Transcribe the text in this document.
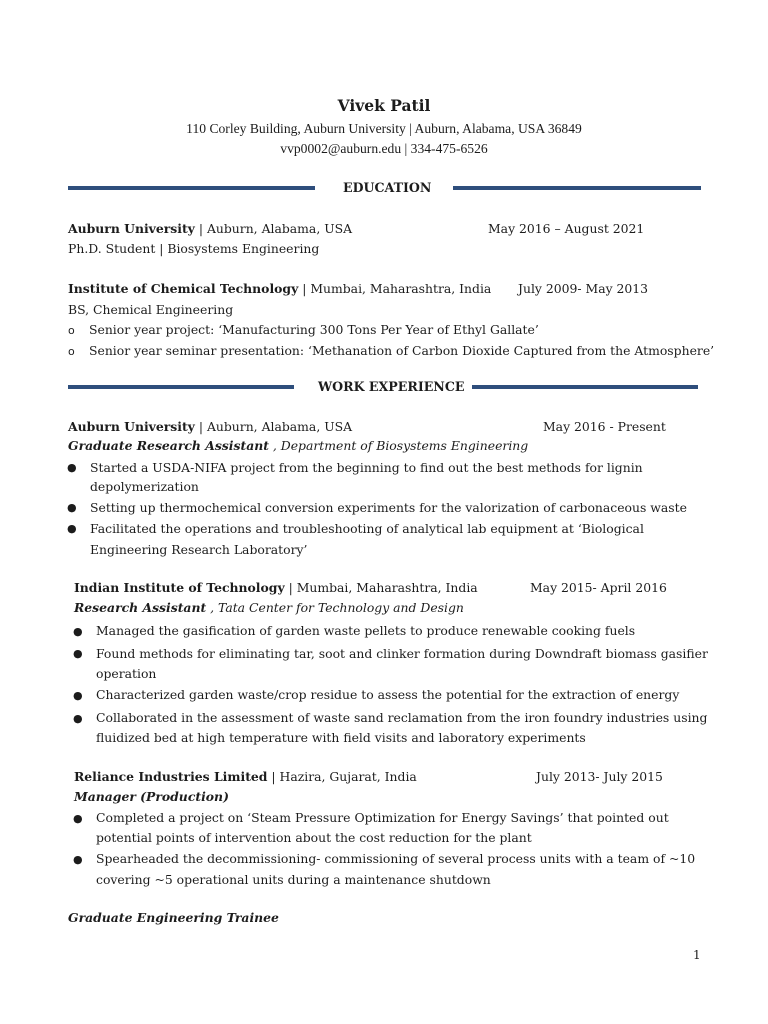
Vivek Patil
110 Corley Building, Auburn University | Auburn, Alabama, USA 36849
vvp0002@auburn.edu | 334-475-6526
EDUCATION
Auburn University | Auburn, Alabama, USA	May 2016 – August 2021
Ph.D. Student | Biosystems Engineering
Institute of Chemical Technology | Mumbai, Maharashtra, India July 2009- May 2013
BS, Chemical Engineering
o Senior year project: ‘Manufacturing 300 Tons Per Year of Ethyl Gallate’
o Senior year seminar presentation: ‘Methanation of Carbon Dioxide Captured from the Atmosphere’
WORK EXPERIENCE
Auburn University | Auburn, Alabama, USA	May 2016 - Present
Graduate Research Assistant , Department of Biosystems Engineering
● Started a USDA-NIFA project from the beginning to find out the best methods for lignin
depolymerization
● Setting up thermochemical conversion experiments for the valorization of carbonaceous waste
● Facilitated the operations and troubleshooting of analytical lab equipment at ‘Biological
Engineering Research Laboratory’
Indian Institute of Technology | Mumbai, Maharashtra, India	May 2015- April 2016
Research Assistant , Tata Center for Technology and Design
● Managed the gasification of garden waste pellets to produce renewable cooking fuels
● Found methods for eliminating tar, soot and clinker formation during Downdraft biomass gasifier
operation
● Characterized garden waste/crop residue to assess the potential for the extraction of energy
● Collaborated in the assessment of waste sand reclamation from the iron foundry industries using
fluidized bed at high temperature with field visits and laboratory experiments
Reliance Industries Limited | Hazira, Gujarat, India	July 2013- July 2015
Manager (Production)
● Completed a project on ‘Steam Pressure Optimization for Energy Savings’ that pointed out
potential points of intervention about the cost reduction for the plant
● Spearheaded the decommissioning- commissioning of several process units with a team of ~10
covering ~5 operational units during a maintenance shutdown
Graduate Engineering Trainee
1
